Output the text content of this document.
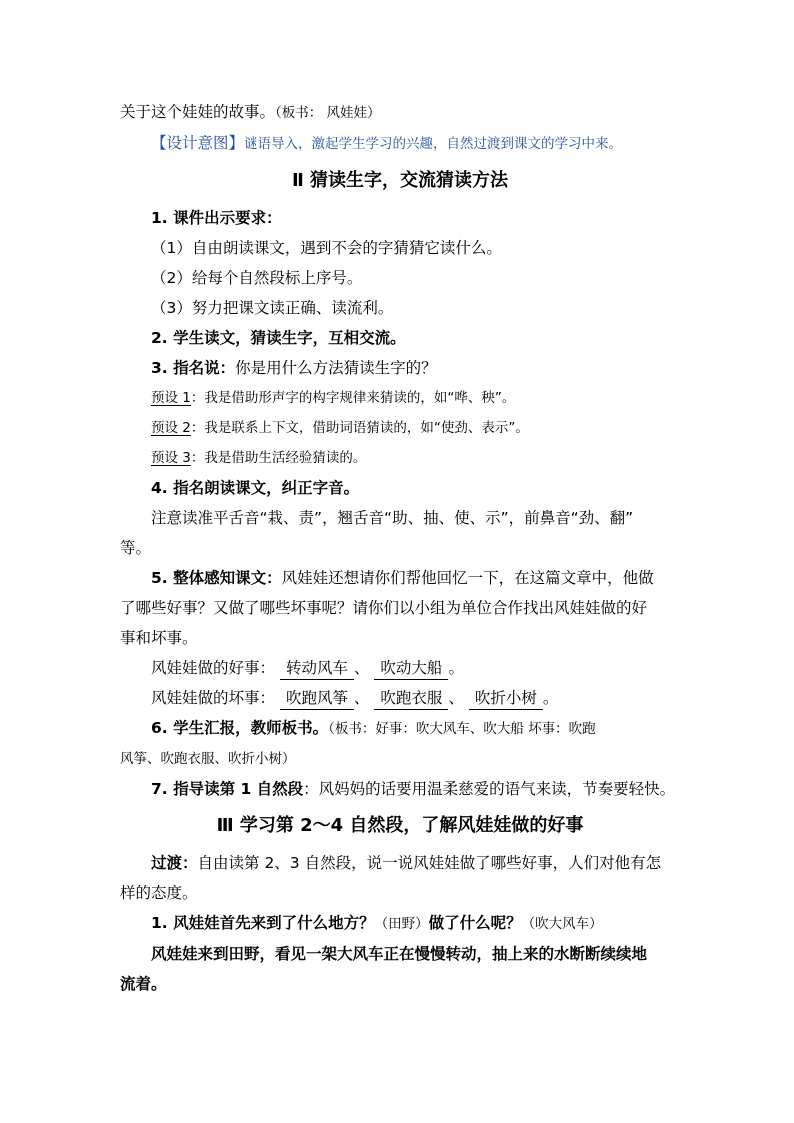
关于这个娃娃的故事。（板书： 风娃娃）

【设计意图】谜语导入，激起学生学习的兴趣，自然过渡到课文的学习中来。

Ⅱ 猜读生字，交流猜读方法

1. 课件出示要求：

（1）自由朗读课文，遇到不会的字猜猜它读什么。

（2）给每个自然段标上序号。

（3）努力把课文读正确、读流利。

2. 学生读文，猜读生字，互相交流。

3. 指名说：你是用什么方法猜读生字的？

预设 1：我是借助形声字的构字规律来猜读的，如“哗、秧”。

预设 2：我是联系上下文，借助词语猜读的，如“使劲、表示”。

预设 3：我是借助生活经验猜读的。

4. 指名朗读课文，纠正字音。

注意读准平舌音“栽、责”，翘舌音“助、抽、使、示”，前鼻音“劲、翻”

等。

5. 整体感知课文：风娃娃还想请你们帮他回忆一下，在这篇文章中，他做

了哪些好事？又做了哪些坏事呢？请你们以小组为单位合作找出风娃娃做的好

事和坏事。

风娃娃做的好事： 转动风车 、 吹动大船 。

风娃娃做的坏事： 吹跑风筝 、 吹跑衣服 、 吹折小树 。

6. 学生汇报，教师板书。（板书：好事：吹大风车、吹大船 坏事：吹跑

风筝、吹跑衣服、吹折小树）

7. 指导读第 1 自然段：风妈妈的话要用温柔慈爱的语气来读，节奏要轻快。

Ⅲ 学习第 2～4 自然段，了解风娃娃做的好事

过渡：自由读第 2、3 自然段，说一说风娃娃做了哪些好事，人们对他有怎

样的态度。

1. 风娃娃首先来到了什么地方？（田野）做了什么呢？（吹大风车）

风娃娃来到田野，看见一架大风车正在慢慢转动，抽上来的水断断续续地

流着。
